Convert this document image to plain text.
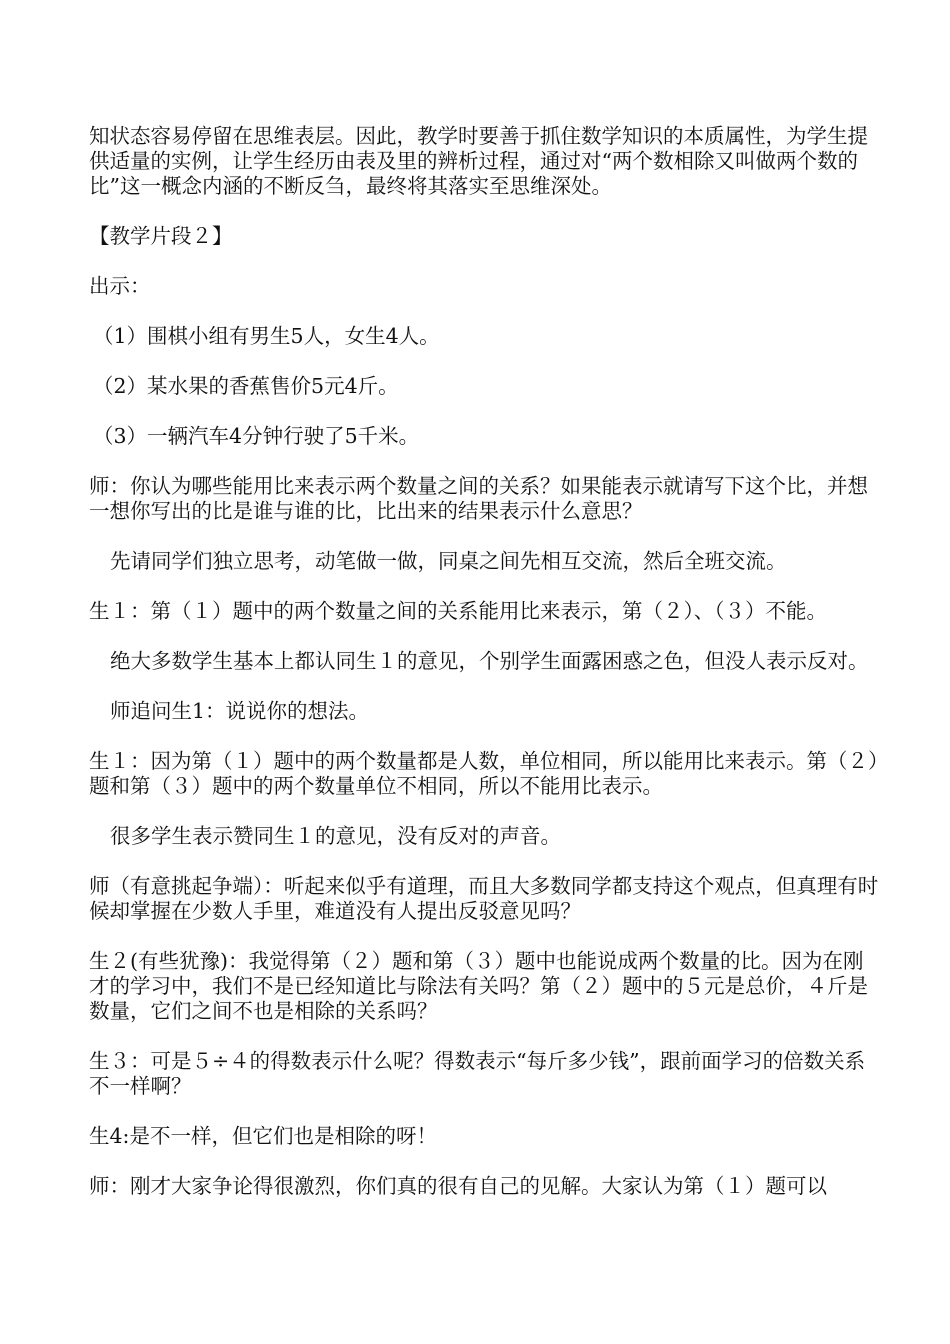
知状态容易停留在思维表层。因此，教学时要善于抓住数学知识的本质属性，为学生提供适量的实例，让学生经历由表及里的辨析过程，通过对“两个数相除又叫做两个数的比”这一概念内涵的不断反刍，最终将其落实至思维深处。

【教学片段２】

出示：

（1）围棋小组有男生5人，女生4人。

（2）某水果的香蕉售价5元4斤。

（3）一辆汽车4分钟行驶了5千米。

师：你认为哪些能用比来表示两个数量之间的关系？如果能表示就请写下这个比，并想一想你写出的比是谁与谁的比，比出来的结果表示什么意思？

先请同学们独立思考，动笔做一做，同桌之间先相互交流，然后全班交流。

生１：第（１）题中的两个数量之间的关系能用比来表示，第（２）、（３）不能。

绝大多数学生基本上都认同生１的意见，个别学生面露困惑之色，但没人表示反对。

师追问生1：说说你的想法。

生１：因为第（１）题中的两个数量都是人数，单位相同，所以能用比来表示。第（２）题和第（３）题中的两个数量单位不相同，所以不能用比表示。

很多学生表示赞同生１的意见，没有反对的声音。

师（有意挑起争端）：听起来似乎有道理，而且大多数同学都支持这个观点，但真理有时候却掌握在少数人手里，难道没有人提出反驳意见吗？

生２(有些犹豫)：我觉得第（２）题和第（３）题中也能说成两个数量的比。因为在刚才的学习中，我们不是已经知道比与除法有关吗？第（２）题中的５元是总价，４斤是数量，它们之间不也是相除的关系吗？

生３：可是５÷４的得数表示什么呢？得数表示“每斤多少钱”，跟前面学习的倍数关系不一样啊？

生4:是不一样，但它们也是相除的呀！

师：刚才大家争论得很激烈，你们真的很有自己的见解。大家认为第（１）题可以
